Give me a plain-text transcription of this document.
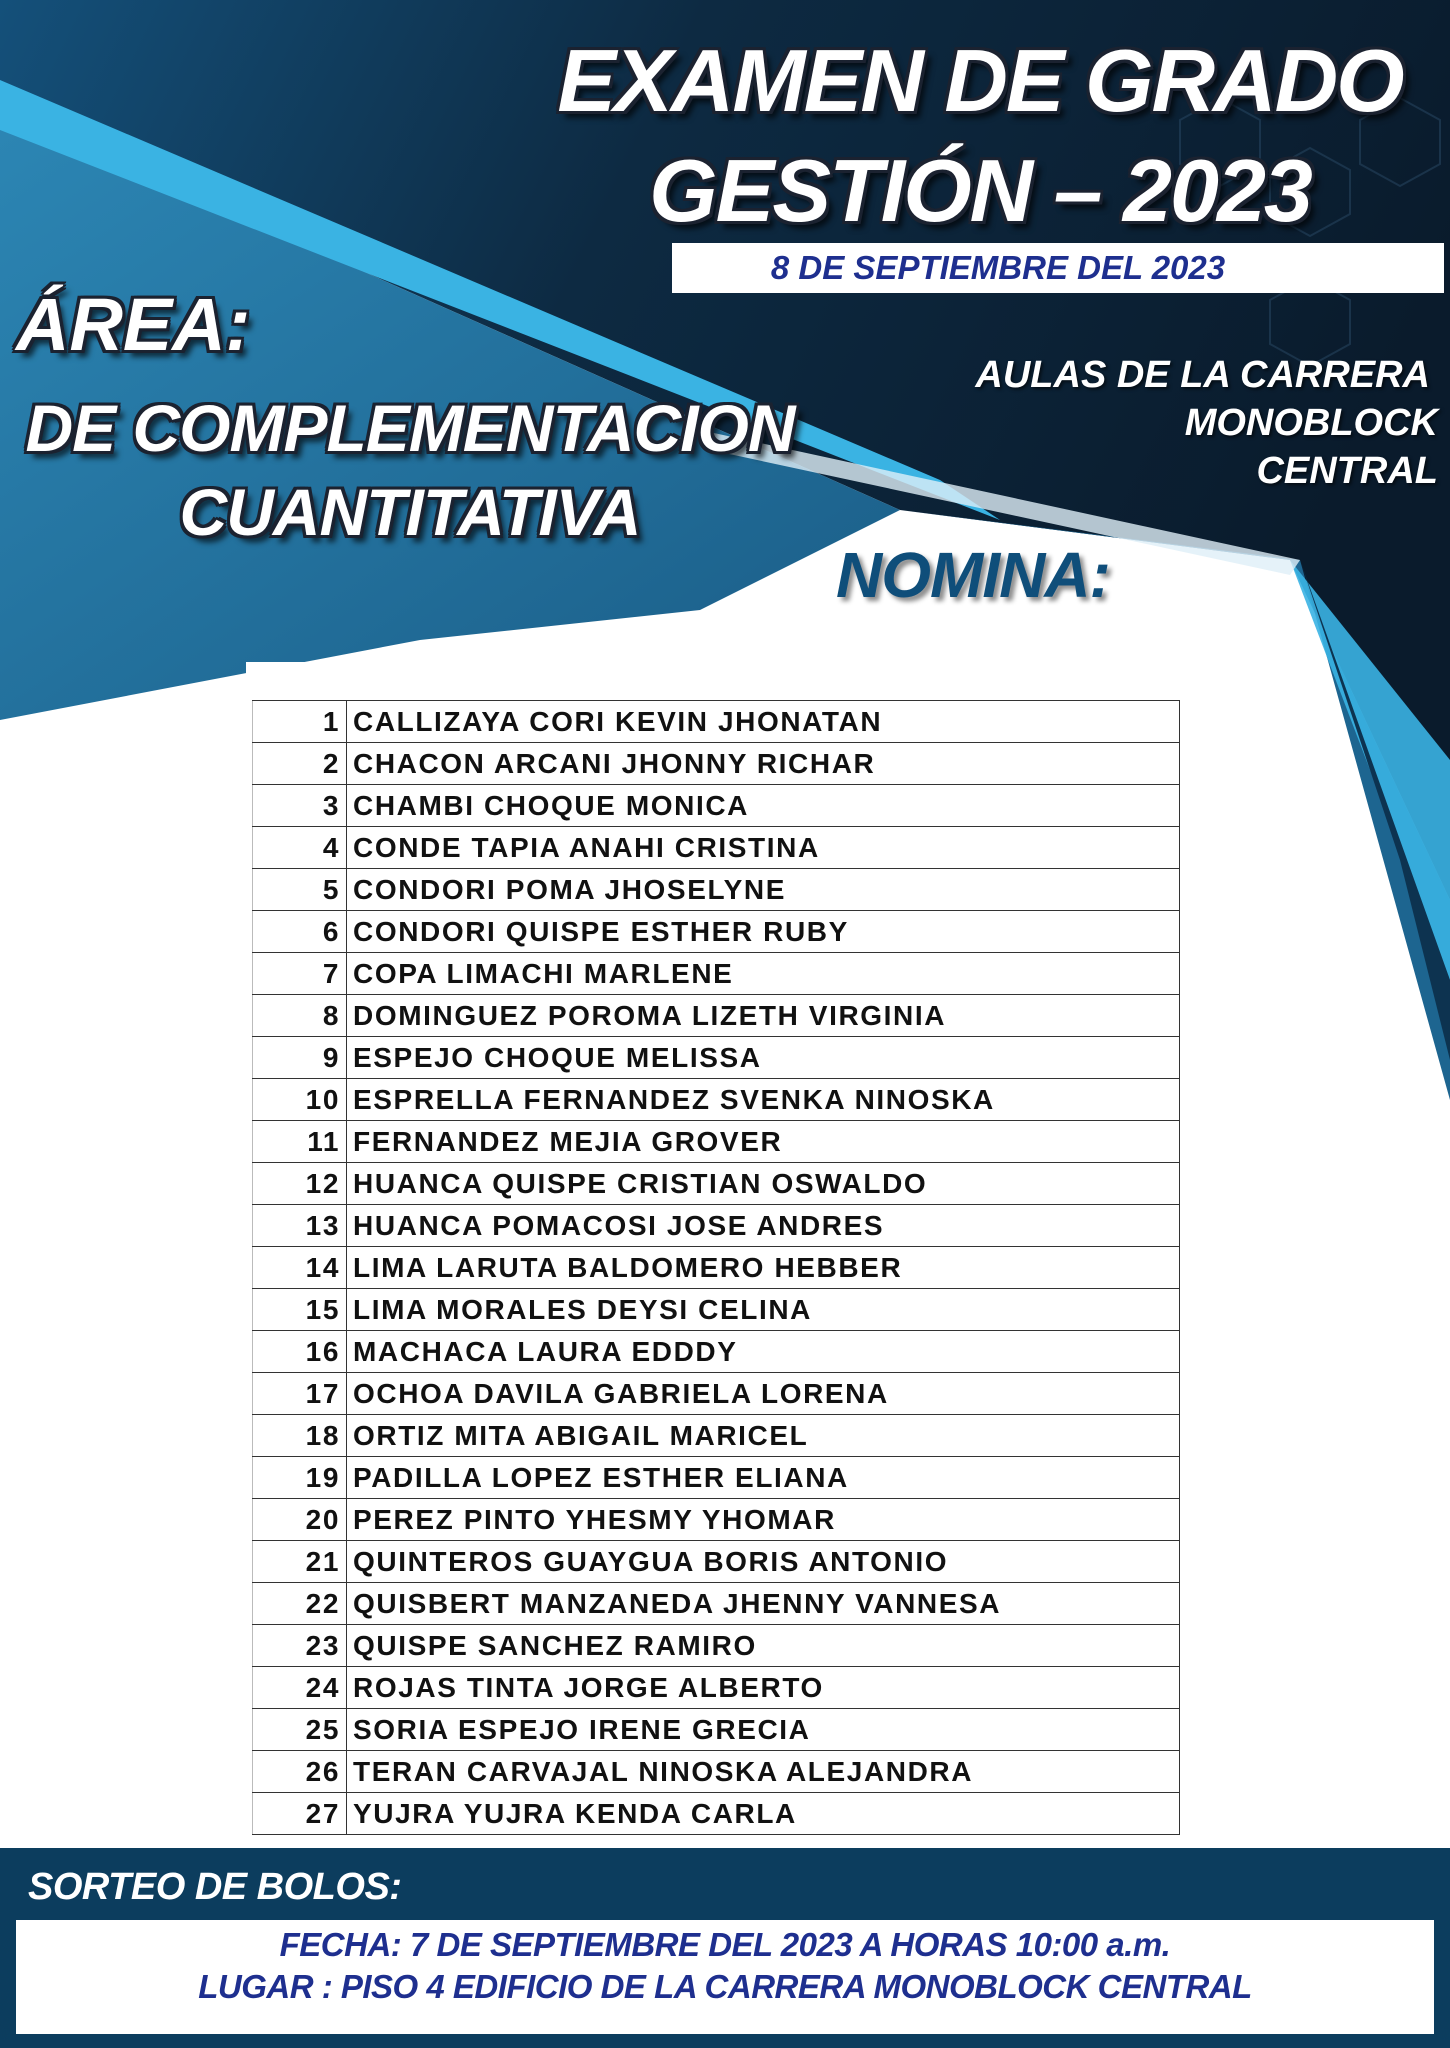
EXAMEN DE GRADO
GESTIÓN – 2023
8 DE SEPTIEMBRE DEL 2023
ÁREA:
DE COMPLEMENTACION
CUANTITATIVA
AULAS DE LA CARRERA
MONOBLOCK
CENTRAL
NOMINA:
1	CALLIZAYA CORI KEVIN JHONATAN
2	CHACON ARCANI JHONNY RICHAR
3	CHAMBI CHOQUE MONICA
4	CONDE TAPIA ANAHI CRISTINA
5	CONDORI POMA JHOSELYNE
6	CONDORI QUISPE ESTHER RUBY
7	COPA LIMACHI MARLENE
8	DOMINGUEZ POROMA LIZETH VIRGINIA
9	ESPEJO CHOQUE MELISSA
10	ESPRELLA FERNANDEZ SVENKA NINOSKA
11	FERNANDEZ MEJIA GROVER
12	HUANCA QUISPE CRISTIAN OSWALDO
13	HUANCA POMACOSI JOSE ANDRES
14	LIMA LARUTA BALDOMERO HEBBER
15	LIMA MORALES DEYSI CELINA
16	MACHACA LAURA EDDDY
17	OCHOA DAVILA GABRIELA LORENA
18	ORTIZ MITA ABIGAIL MARICEL
19	PADILLA LOPEZ ESTHER ELIANA
20	PEREZ PINTO YHESMY YHOMAR
21	QUINTEROS GUAYGUA BORIS ANTONIO
22	QUISBERT MANZANEDA JHENNY VANNESA
23	QUISPE SANCHEZ RAMIRO
24	ROJAS TINTA JORGE ALBERTO
25	SORIA ESPEJO IRENE GRECIA
26	TERAN CARVAJAL NINOSKA ALEJANDRA
27	YUJRA YUJRA KENDA CARLA
SORTEO DE BOLOS:
FECHA: 7 DE SEPTIEMBRE DEL 2023 A HORAS 10:00 a.m.
LUGAR : PISO 4 EDIFICIO DE LA CARRERA MONOBLOCK CENTRAL
